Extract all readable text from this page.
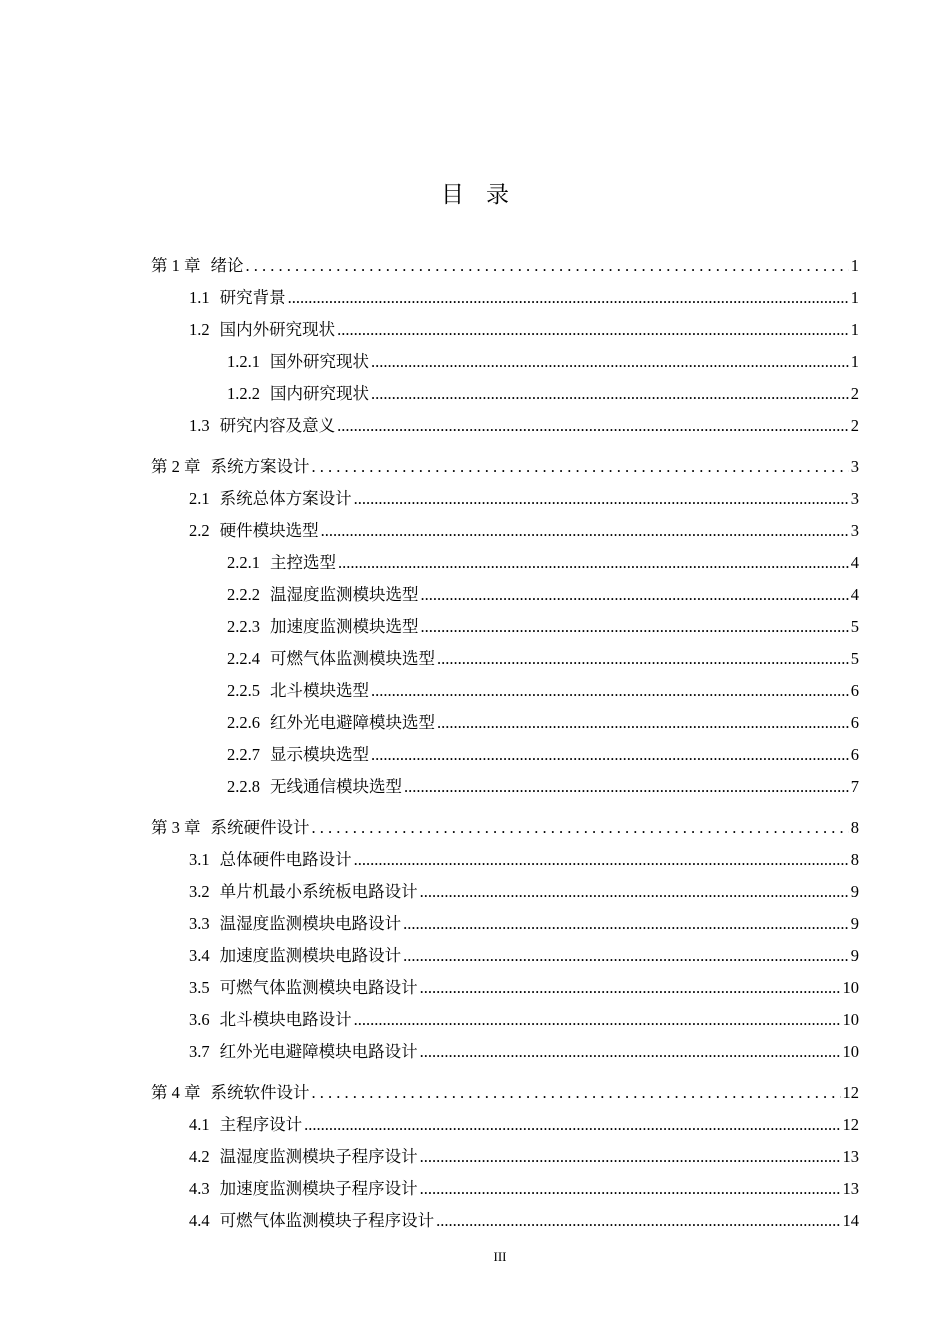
目录
第 1 章 绪论 . . .	1
1.1 研究背景 .....	1
1.2 国内外研究现状 .....	1
1.2.1 国外研究现状 .....	1
1.2.2 国内研究现状 .....	2
1.3 研究内容及意义 .....	2
第 2 章 系统方案设计 . . .	3
2.1 系统总体方案设计 .....	3
2.2 硬件模块选型 .....	3
2.2.1 主控选型 .....	4
2.2.2 温湿度监测模块选型 .....	4
2.2.3 加速度监测模块选型 .....	5
2.2.4 可燃气体监测模块选型 .....	5
2.2.5 北斗模块选型 .....	6
2.2.6 红外光电避障模块选型 .....	6
2.2.7 显示模块选型 .....	6
2.2.8 无线通信模块选型 .....	7
第 3 章 系统硬件设计 . . .	8
3.1 总体硬件电路设计 .....	8
3.2 单片机最小系统板电路设计 .....	9
3.3 温湿度监测模块电路设计 .....	9
3.4 加速度监测模块电路设计 .....	9
3.5 可燃气体监测模块电路设计 .....	10
3.6 北斗模块电路设计 .....	10
3.7 红外光电避障模块电路设计 .....	10
第 4 章 系统软件设计 . . .	12
4.1 主程序设计 .....	12
4.2 温湿度监测模块子程序设计 .....	13
4.3 加速度监测模块子程序设计 .....	13
4.4 可燃气体监测模块子程序设计 .....	14
III
